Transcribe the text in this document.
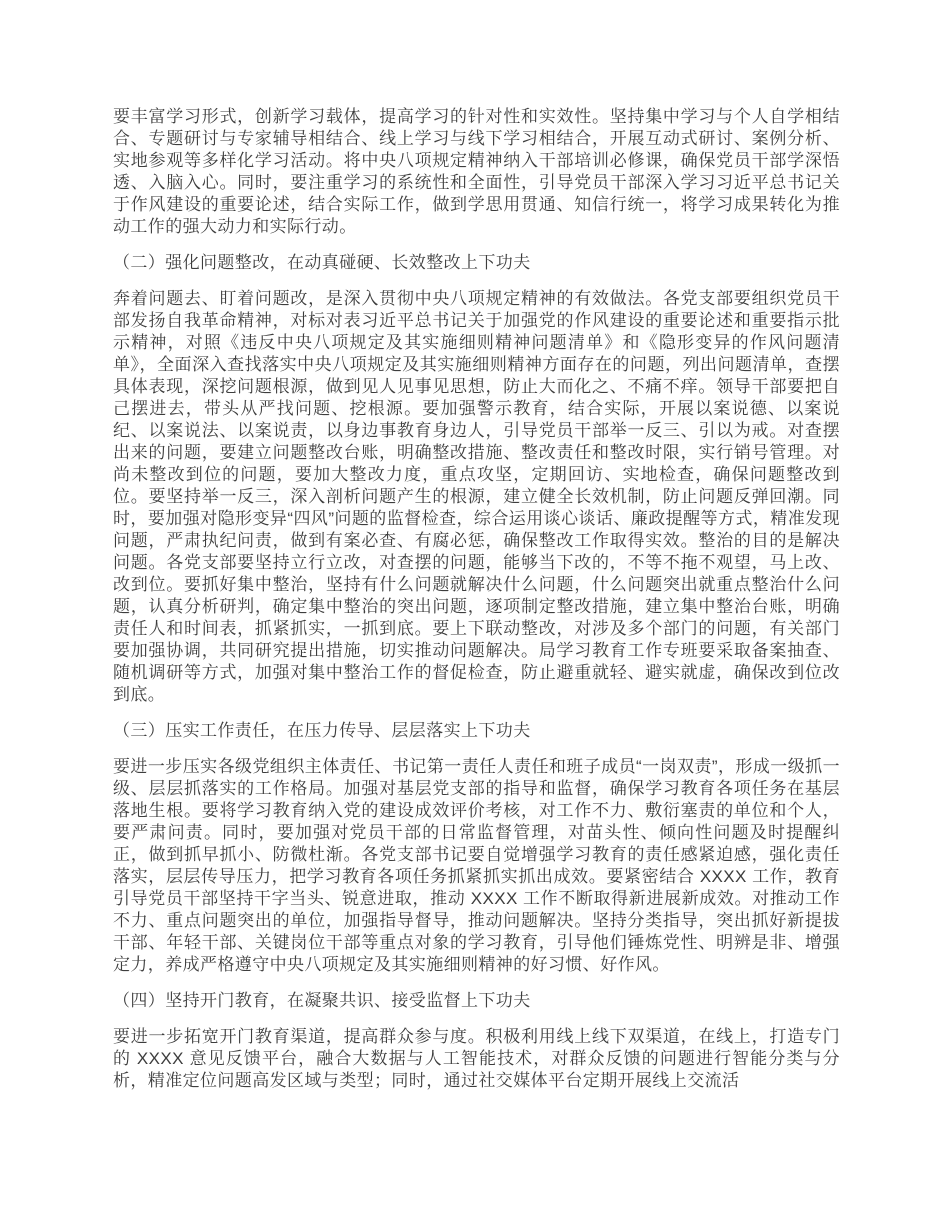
要丰富学习形式，创新学习载体，提高学习的针对性和实效性。坚持集中学习与个人自学相结合、专题研讨与专家辅导相结合、线上学习与线下学习相结合，开展互动式研讨、案例分析、实地参观等多样化学习活动。将中央八项规定精神纳入干部培训必修课，确保党员干部学深悟透、入脑入心。同时，要注重学习的系统性和全面性，引导党员干部深入学习习近平总书记关于作风建设的重要论述，结合实际工作，做到学思用贯通、知信行统一，将学习成果转化为推动工作的强大动力和实际行动。

（二）强化问题整改，在动真碰硬、长效整改上下功夫

奔着问题去、盯着问题改，是深入贯彻中央八项规定精神的有效做法。各党支部要组织党员干部发扬自我革命精神，对标对表习近平总书记关于加强党的作风建设的重要论述和重要指示批示精神，对照《违反中央八项规定及其实施细则精神问题清单》和《隐形变异的作风问题清单》，全面深入查找落实中央八项规定及其实施细则精神方面存在的问题，列出问题清单，查摆具体表现，深挖问题根源，做到见人见事见思想，防止大而化之、不痛不痒。领导干部要把自己摆进去，带头从严找问题、挖根源。要加强警示教育，结合实际，开展以案说德、以案说纪、以案说法、以案说责，以身边事教育身边人，引导党员干部举一反三、引以为戒。对查摆出来的问题，要建立问题整改台账，明确整改措施、整改责任和整改时限，实行销号管理。对尚未整改到位的问题，要加大整改力度，重点攻坚，定期回访、实地检查，确保问题整改到位。要坚持举一反三，深入剖析问题产生的根源，建立健全长效机制，防止问题反弹回潮。同时，要加强对隐形变异“四风”问题的监督检查，综合运用谈心谈话、廉政提醒等方式，精准发现问题，严肃执纪问责，做到有案必查、有腐必惩，确保整改工作取得实效。整治的目的是解决问题。各党支部要坚持立行立改，对查摆的问题，能够当下改的，不等不拖不观望，马上改、改到位。要抓好集中整治，坚持有什么问题就解决什么问题，什么问题突出就重点整治什么问题，认真分析研判，确定集中整治的突出问题，逐项制定整改措施，建立集中整治台账，明确责任人和时间表，抓紧抓实，一抓到底。要上下联动整改，对涉及多个部门的问题，有关部门要加强协调，共同研究提出措施，切实推动问题解决。局学习教育工作专班要采取备案抽查、随机调研等方式，加强对集中整治工作的督促检查，防止避重就轻、避实就虚，确保改到位改到底。

（三）压实工作责任，在压力传导、层层落实上下功夫

要进一步压实各级党组织主体责任、书记第一责任人责任和班子成员“一岗双责”，形成一级抓一级、层层抓落实的工作格局。加强对基层党支部的指导和监督，确保学习教育各项任务在基层落地生根。要将学习教育纳入党的建设成效评价考核，对工作不力、敷衍塞责的单位和个人，要严肃问责。同时，要加强对党员干部的日常监督管理，对苗头性、倾向性问题及时提醒纠正，做到抓早抓小、防微杜渐。各党支部书记要自觉增强学习教育的责任感紧迫感，强化责任落实，层层传导压力，把学习教育各项任务抓紧抓实抓出成效。要紧密结合 XXXX 工作，教育引导党员干部坚持干字当头、锐意进取，推动 XXXX 工作不断取得新进展新成效。对推动工作不力、重点问题突出的单位，加强指导督导，推动问题解决。坚持分类指导，突出抓好新提拔干部、年轻干部、关键岗位干部等重点对象的学习教育，引导他们锤炼党性、明辨是非、增强定力，养成严格遵守中央八项规定及其实施细则精神的好习惯、好作风。

（四）坚持开门教育，在凝聚共识、接受监督上下功夫

要进一步拓宽开门教育渠道，提高群众参与度。积极利用线上线下双渠道，在线上，打造专门的 XXXX 意见反馈平台，融合大数据与人工智能技术，对群众反馈的问题进行智能分类与分析，精准定位问题高发区域与类型；同时，通过社交媒体平台定期开展线上交流活
